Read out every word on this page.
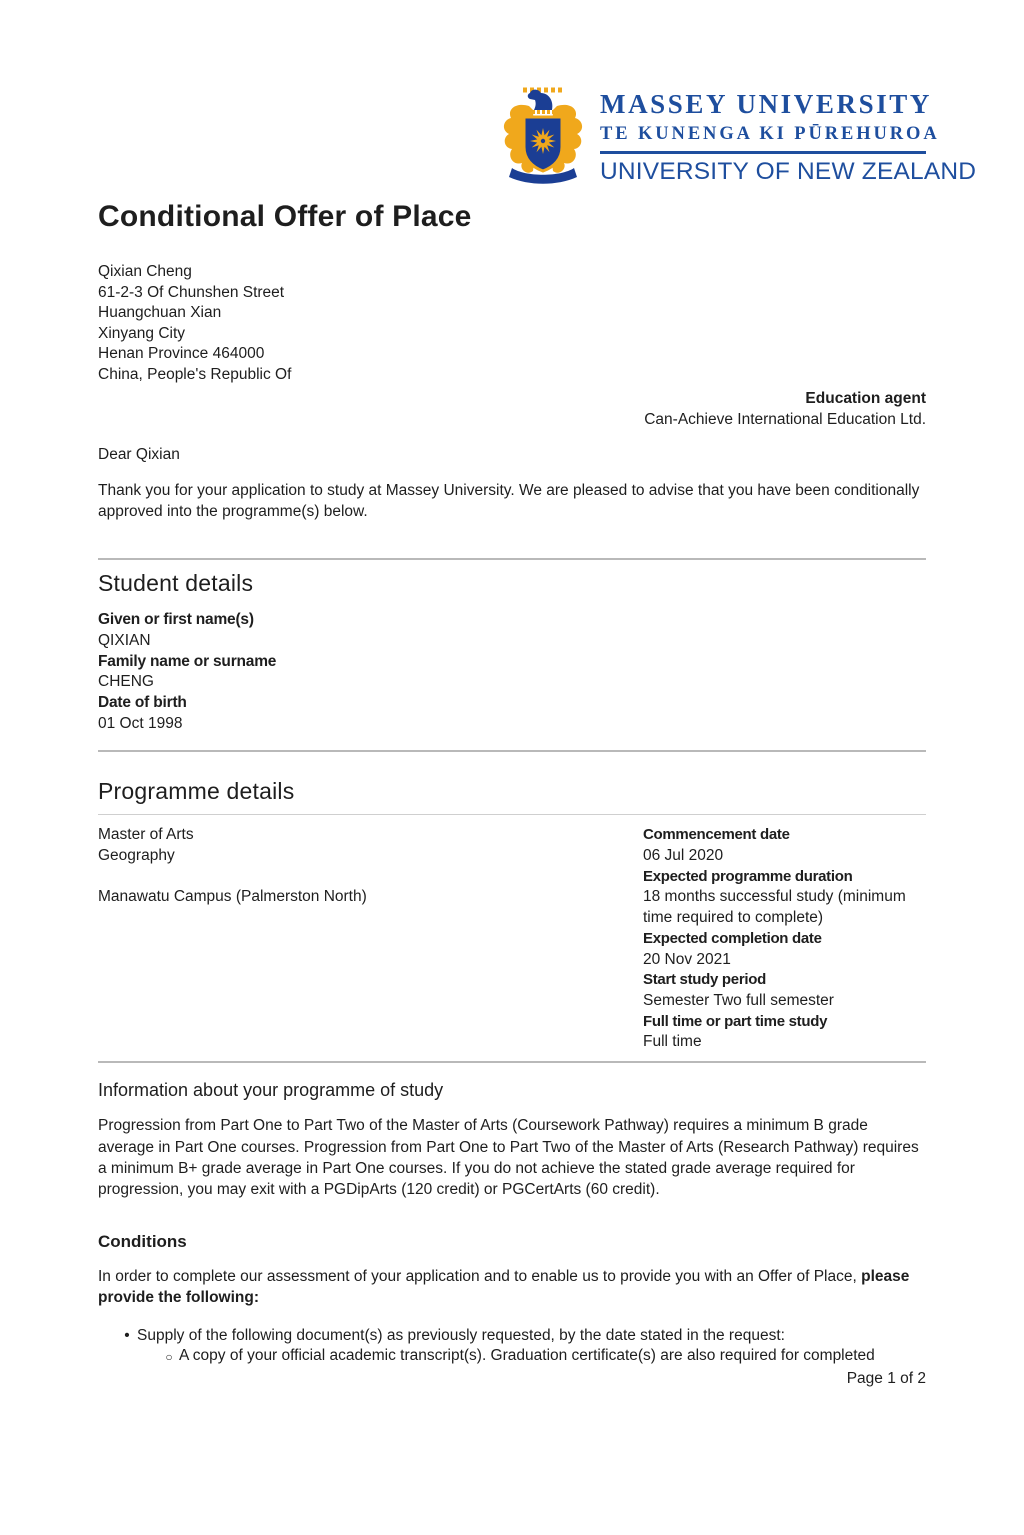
MASSEY UNIVERSITY
TE KUNENGA KI PŪREHUROA
UNIVERSITY OF NEW ZEALAND
Conditional Offer of Place
Qixian Cheng
61-2-3 Of Chunshen Street
Huangchuan Xian
Xinyang City
Henan Province 464000
China, People's Republic Of
Education agent
Can-Achieve International Education Ltd.
Dear Qixian

Thank you for your application to study at Massey University. We are pleased to advise that you have been conditionally approved into the programme(s) below.

Student details
Given or first name(s)
QIXIAN
Family name or surname
CHENG
Date of birth
01 Oct 1998
Programme details
Master of Arts
Geography
Manawatu Campus (Palmerston North)
Commencement date
06 Jul 2020
Expected programme duration
18 months successful study (minimum time required to complete)
Expected completion date
20 Nov 2021
Start study period
Semester Two full semester
Full time or part time study
Full time
Information about your programme of study

Progression from Part One to Part Two of the Master of Arts (Coursework Pathway) requires a minimum B grade average in Part One courses. Progression from Part One to Part Two of the Master of Arts (Research Pathway) requires a minimum B+ grade average in Part One courses. If you do not achieve the stated grade average required for progression, you may exit with a PGDipArts (120 credit) or PGCertArts (60 credit).

Conditions

In order to complete our assessment of your application and to enable us to provide you with an Offer of Place, please provide the following:

• Supply of the following document(s) as previously requested, by the date stated in the request:
○ A copy of your official academic transcript(s). Graduation certificate(s) are also required for completed
Page 1 of 2
